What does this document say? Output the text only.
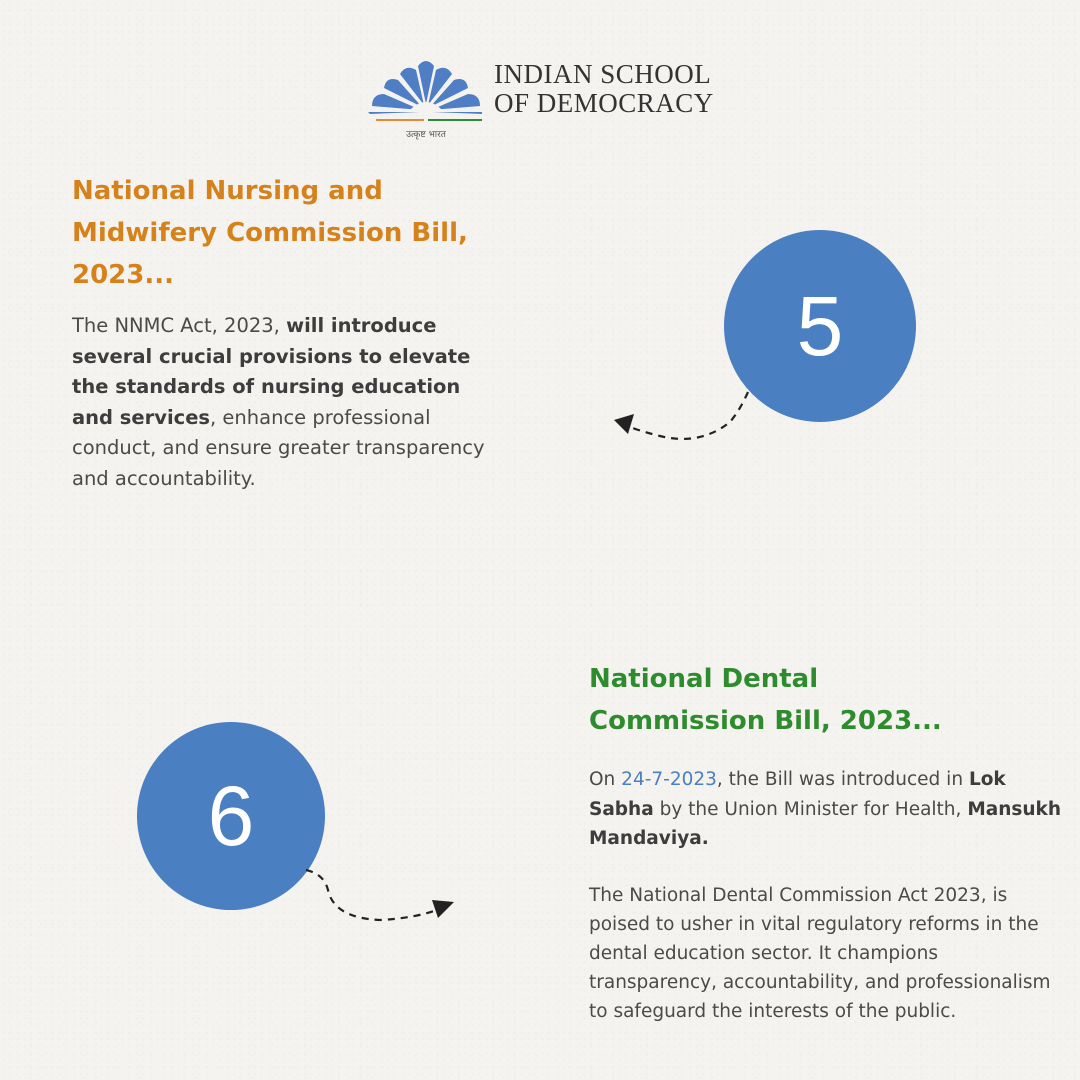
उत्कृष्ट भारत
INDIAN SCHOOL
OF DEMOCRACY
National Nursing and
Midwifery Commission Bill,
2023...
The NNMC Act, 2023, will introduce several crucial provisions to elevate the standards of nursing education and services, enhance professional conduct, and ensure greater transparency and accountability.
5
National Dental
Commission Bill, 2023...
On 24-7-2023, the Bill was introduced in Lok Sabha by the Union Minister for Health, Mansukh Mandaviya.
The National Dental Commission Act 2023, is poised to usher in vital regulatory reforms in the dental education sector. It champions transparency, accountability, and professionalism to safeguard the interests of the public.
6
